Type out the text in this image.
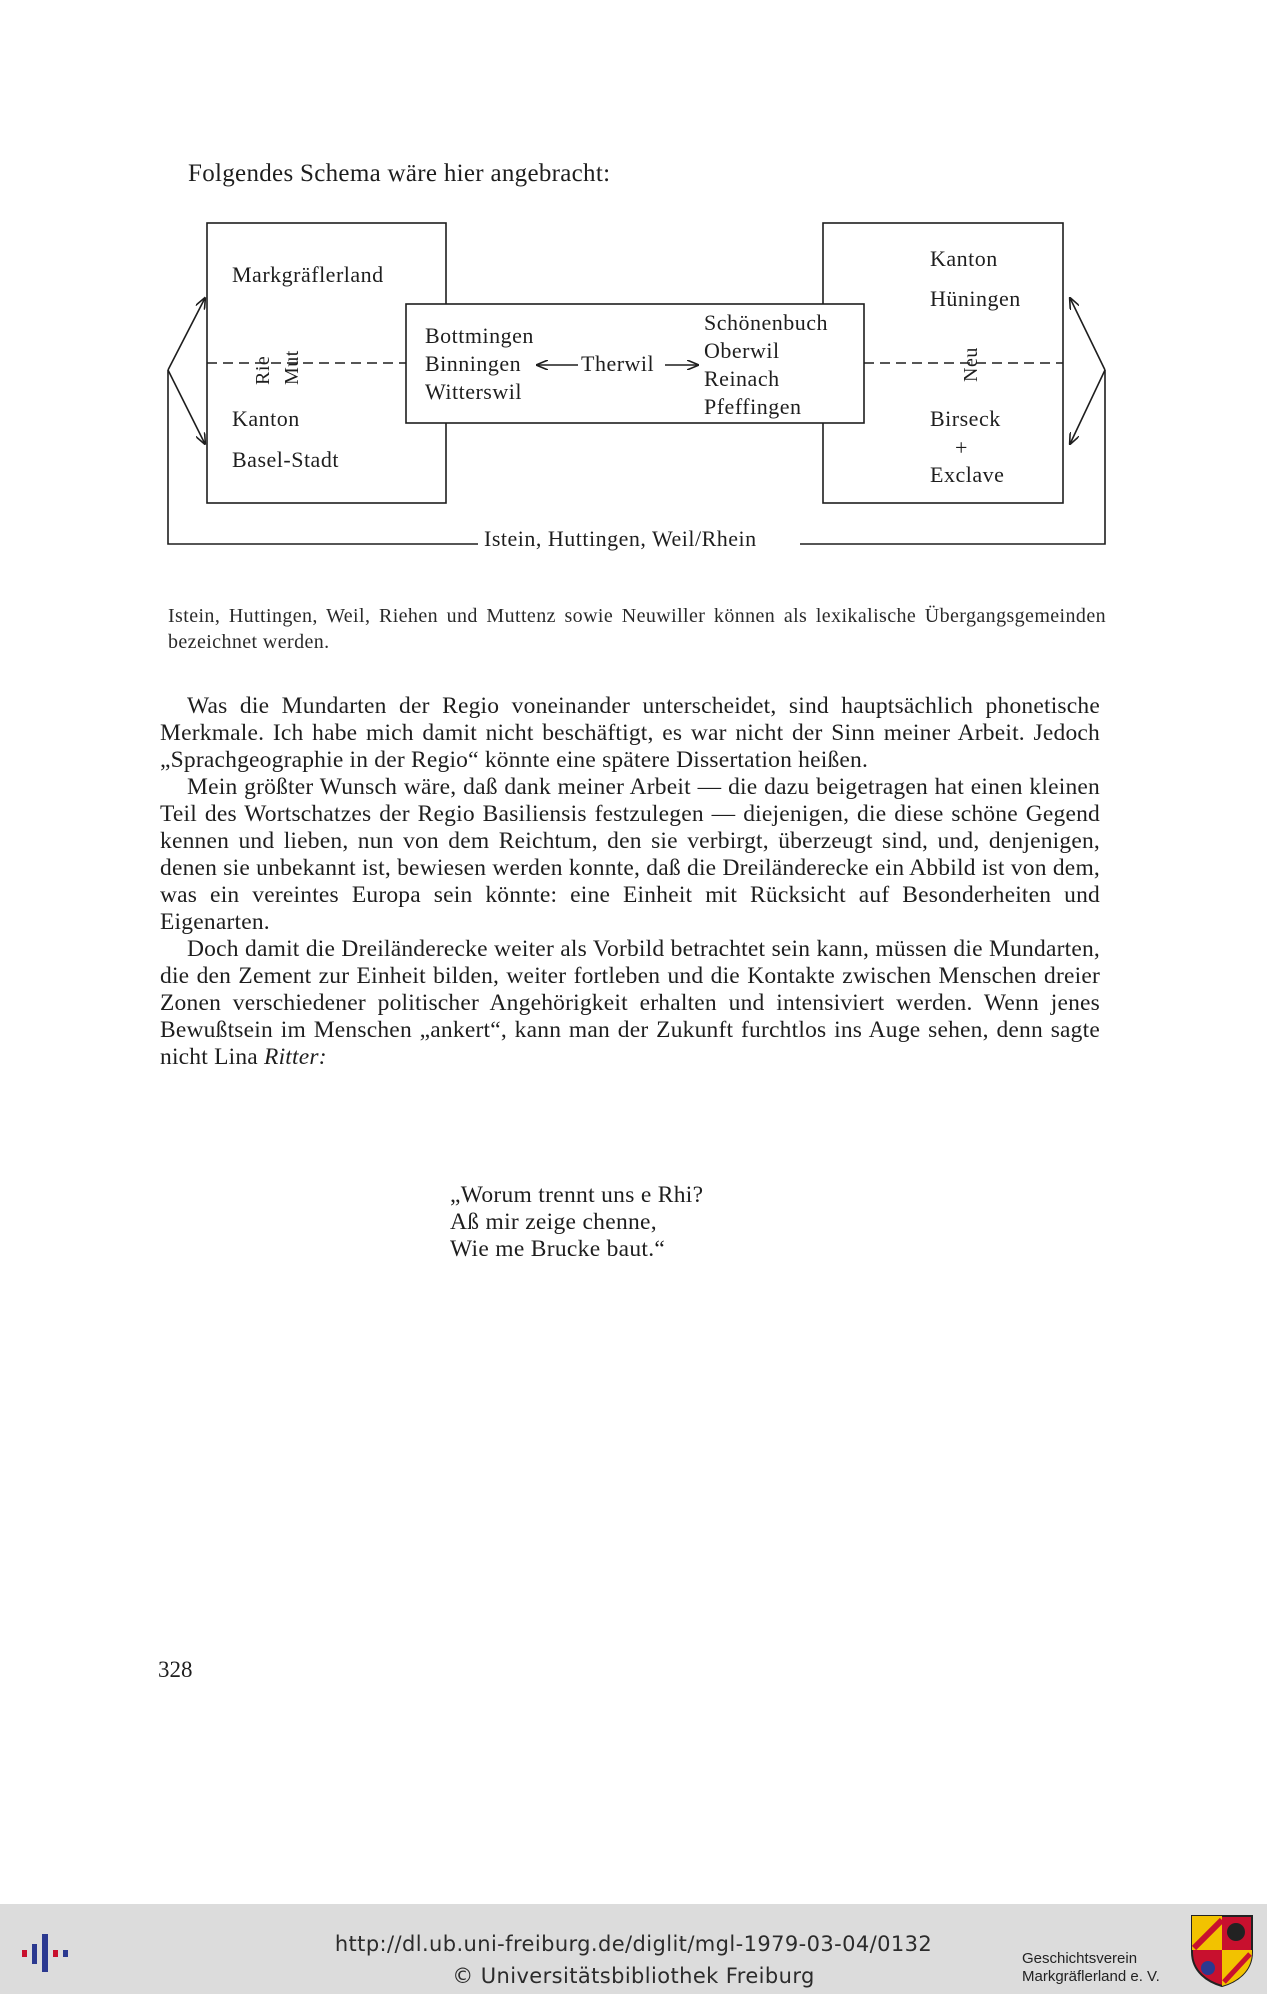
Folgendes Schema wäre hier angebracht:
Markgräflerland
Kanton
Basel-Stadt
Rie Mut
Bottmingen
Binningen
Witterswil
Therwil
Schönenbuch
Oberwil
Reinach
Pfeffingen
Kanton
Hüningen
Neu
Birseck
+
Exclave
Istein, Huttingen, Weil/Rhein
Istein, Huttingen, Weil, Riehen und Muttenz sowie Neuwiller können als lexikalische Übergangsgemeinden bezeichnet werden.

Was die Mundarten der Regio voneinander unterscheidet, sind hauptsächlich phonetische Merkmale. Ich habe mich damit nicht beschäftigt, es war nicht der Sinn meiner Arbeit. Jedoch „Sprachgeographie in der Regio“ könnte eine spätere Dissertation heißen.

Mein größter Wunsch wäre, daß dank meiner Arbeit — die dazu beigetragen hat einen kleinen Teil des Wortschatzes der Regio Basiliensis festzulegen — diejenigen, die diese schöne Gegend kennen und lieben, nun von dem Reichtum, den sie verbirgt, überzeugt sind, und, denjenigen, denen sie unbekannt ist, bewiesen werden konnte, daß die Dreiländerecke ein Abbild ist von dem, was ein vereintes Europa sein könnte: eine Einheit mit Rücksicht auf Besonderheiten und Eigenarten.

Doch damit die Dreiländerecke weiter als Vorbild betrachtet sein kann, müssen die Mundarten, die den Zement zur Einheit bilden, weiter fortleben und die Kontakte zwischen Menschen dreier Zonen verschiedener politischer Angehörigkeit erhalten und intensiviert werden. Wenn jenes Bewußtsein im Menschen „ankert“, kann man der Zukunft furchtlos ins Auge sehen, denn sagte nicht Lina Ritter:

„Worum trennt uns e Rhi?
Aß mir zeige chenne,
Wie me Brucke baut.“
328
http://dl.ub.uni-freiburg.de/diglit/mgl-1979-03-04/0132
© Universitätsbibliothek Freiburg
Geschichtsverein
Markgräflerland e. V.
